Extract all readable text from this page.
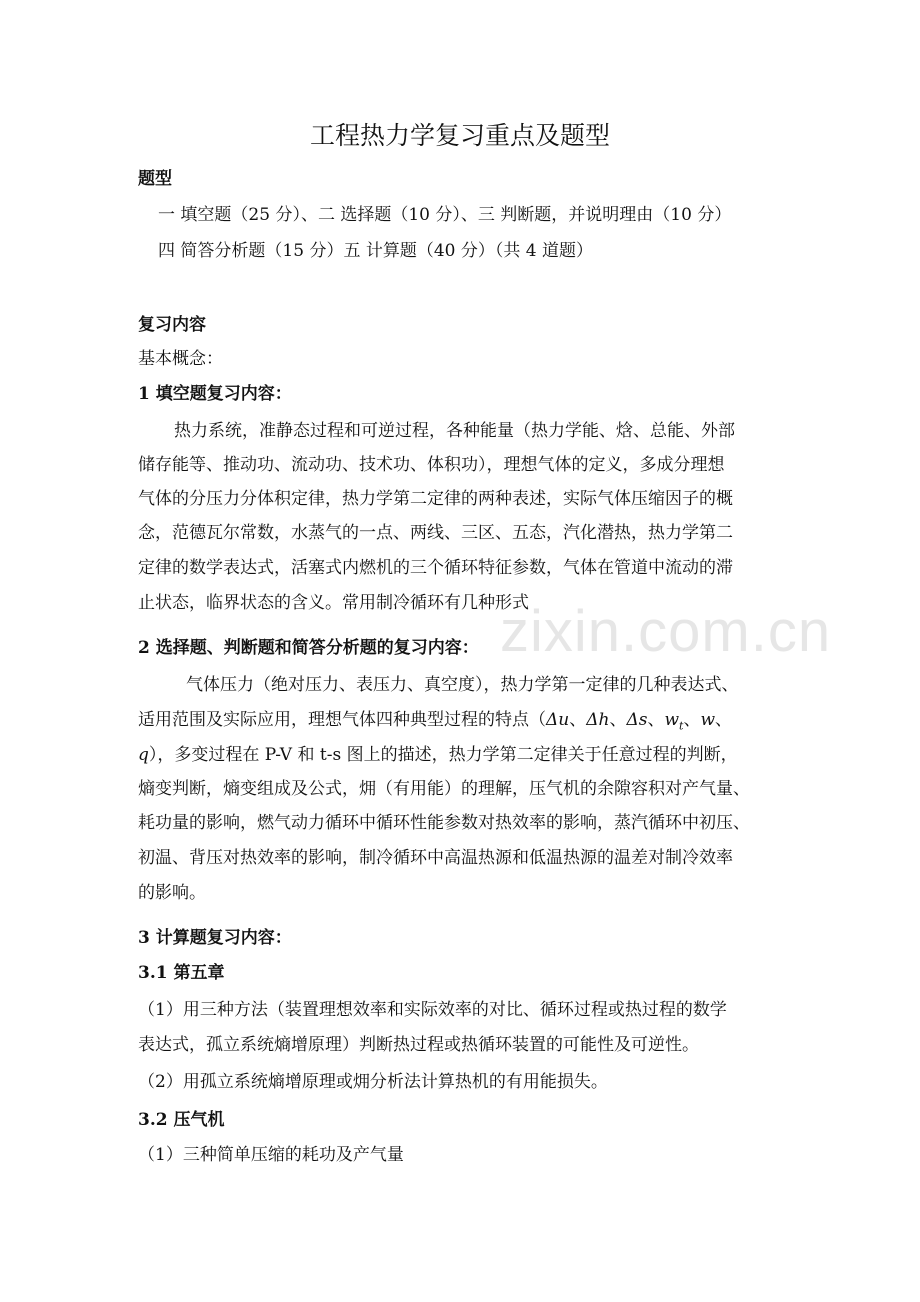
工程热力学复习重点及题型
题型
一 填空题（25 分）、二 选择题（10 分）、三 判断题，并说明理由（10 分）
四 简答分析题（15 分）五 计算题（40 分）（共 4 道题）
复习内容
基本概念：
1 填空题复习内容：
热力系统，准静态过程和可逆过程，各种能量（热力学能、焓、总能、外部
储存能等、推动功、流动功、技术功、体积功），理想气体的定义，多成分理想
气体的分压力分体积定律，热力学第二定律的两种表述，实际气体压缩因子的概
念，范德瓦尔常数，水蒸气的一点、两线、三区、五态，汽化潜热，热力学第二
定律的数学表达式，活塞式内燃机的三个循环特征参数，气体在管道中流动的滞
止状态，临界状态的含义。常用制冷循环有几种形式
2 选择题、判断题和简答分析题的复习内容：
气体压力（绝对压力、表压力、真空度），热力学第一定律的几种表达式、
适用范围及实际应用，理想气体四种典型过程的特点（Δu、Δh、Δs、$w_t$、w、
q），多变过程在 P-V 和 t-s 图上的描述，热力学第二定律关于任意过程的判断，
熵变判断，熵变组成及公式，㶲（有用能）的理解，压气机的余隙容积对产气量、
耗功量的影响，燃气动力循环中循环性能参数对热效率的影响，蒸汽循环中初压、
初温、背压对热效率的影响，制冷循环中高温热源和低温热源的温差对制冷效率
的影响。
3 计算题复习内容：
3.1 第五章
（1）用三种方法（装置理想效率和实际效率的对比、循环过程或热过程的数学
表达式，孤立系统熵增原理）判断热过程或热循环装置的可能性及可逆性。
（2）用孤立系统熵增原理或㶲分析法计算热机的有用能损失。
3.2 压气机
（1）三种简单压缩的耗功及产气量
zixin.com.cn
